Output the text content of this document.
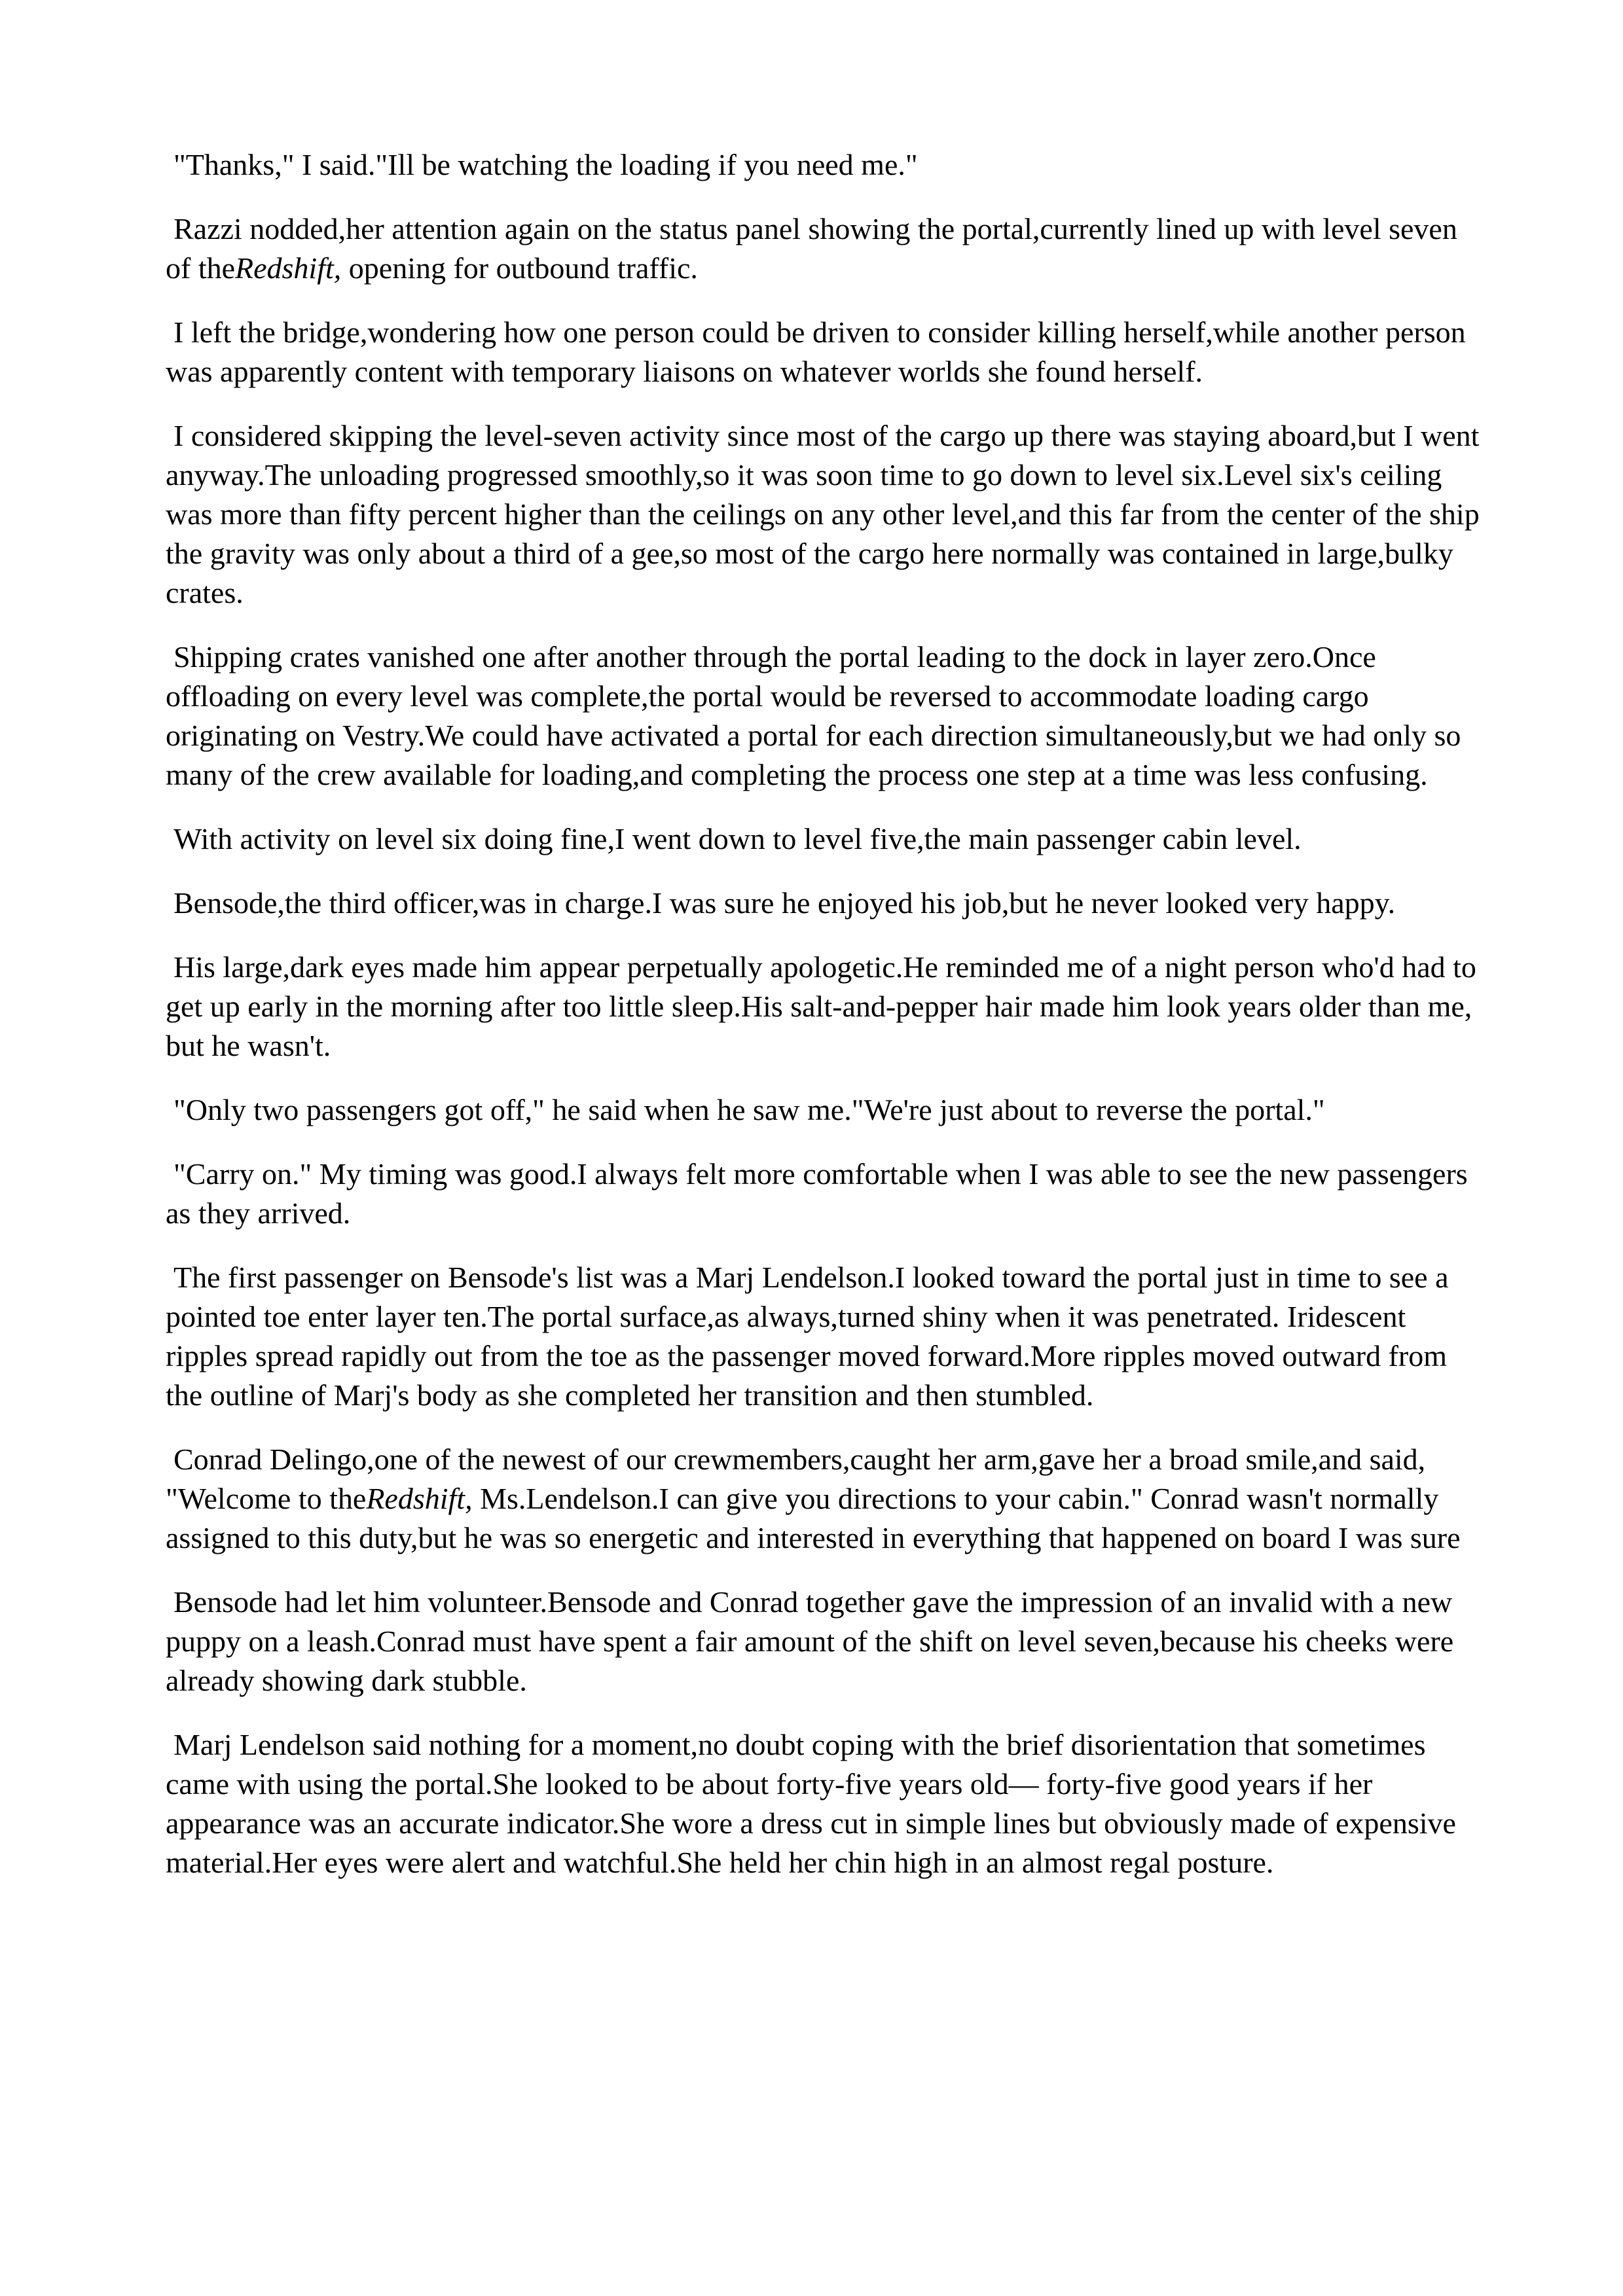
"Thanks," I said."Ill be watching the loading if you need me."

Razzi nodded,her attention again on the status panel showing the portal,currently lined up with level seven of theRedshift, opening for outbound traffic.

I left the bridge,wondering how one person could be driven to consider killing herself,while another person was apparently content with temporary liaisons on whatever worlds she found herself.

I considered skipping the level-seven activity since most of the cargo up there was staying aboard,but I went anyway.The unloading progressed smoothly,so it was soon time to go down to level six.Level six's ceiling was more than fifty percent higher than the ceilings on any other level,and this far from the center of the ship the gravity was only about a third of a gee,so most of the cargo here normally was contained in large,bulky crates.

Shipping crates vanished one after another through the portal leading to the dock in layer zero.Once offloading on every level was complete,the portal would be reversed to accommodate loading cargo originating on Vestry.We could have activated a portal for each direction simultaneously,but we had only so many of the crew available for loading,and completing the process one step at a time was less confusing.

With activity on level six doing fine,I went down to level five,the main passenger cabin level.

Bensode,the third officer,was in charge.I was sure he enjoyed his job,but he never looked very happy.

His large,dark eyes made him appear perpetually apologetic.He reminded me of a night person who'd had to get up early in the morning after too little sleep.His salt-and-pepper hair made him look years older than me, but he wasn't.

"Only two passengers got off," he said when he saw me."We're just about to reverse the portal."

"Carry on." My timing was good.I always felt more comfortable when I was able to see the new passengers as they arrived.

The first passenger on Bensode's list was a Marj Lendelson.I looked toward the portal just in time to see a pointed toe enter layer ten.The portal surface,as always,turned shiny when it was penetrated. Iridescent ripples spread rapidly out from the toe as the passenger moved forward.More ripples moved outward from the outline of Marj's body as she completed her transition and then stumbled.

Conrad Delingo,one of the newest of our crewmembers,caught her arm,gave her a broad smile,and said, "Welcome to theRedshift, Ms.Lendelson.I can give you directions to your cabin." Conrad wasn't normally assigned to this duty,but he was so energetic and interested in everything that happened on board I was sure

Bensode had let him volunteer.Bensode and Conrad together gave the impression of an invalid with a new puppy on a leash.Conrad must have spent a fair amount of the shift on level seven,because his cheeks were already showing dark stubble.

Marj Lendelson said nothing for a moment,no doubt coping with the brief disorientation that sometimes came with using the portal.She looked to be about forty-five years old— forty-five good years if her appearance was an accurate indicator.She wore a dress cut in simple lines but obviously made of expensive material.Her eyes were alert and watchful.She held her chin high in an almost regal posture.
